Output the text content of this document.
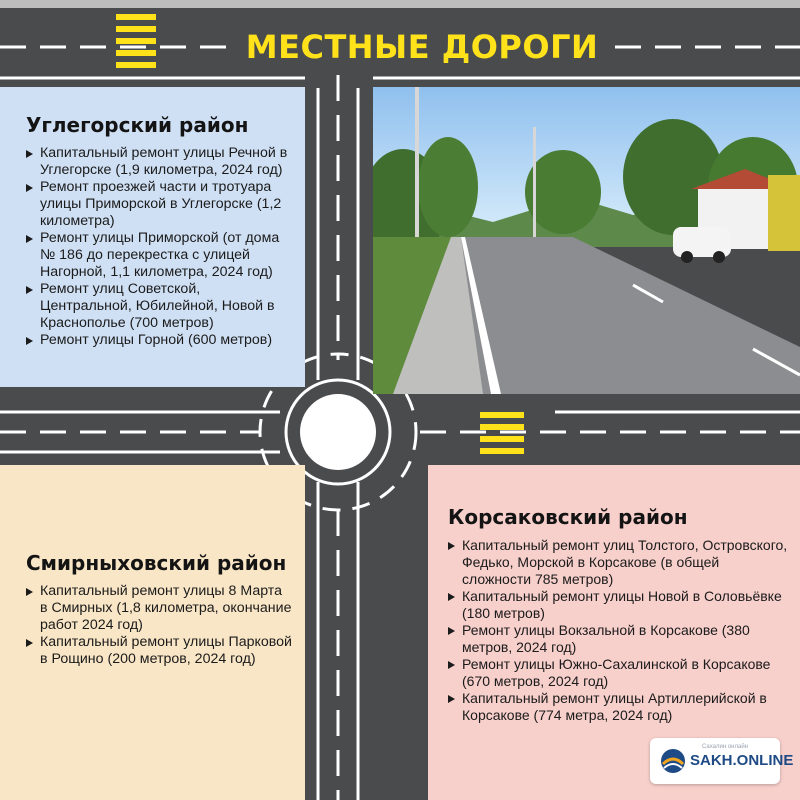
МЕСТНЫЕ ДОРОГИ
Углегорский район
Капитальный ремонт улицы Речной в Углегорске (1,9 километра, 2024 год)
Ремонт проезжей части и тротуара улицы Приморской в Углегорске (1,2 километра)
Ремонт улицы Приморской (от дома № 186 до перекрестка с улицей Нагорной, 1,1 километра, 2024 год)
Ремонт улиц Советской, Центральной, Юбилейной, Новой в Краснополье (700 метров)
Ремонт улицы Горной (600 метров)
Смирныховский район
Капитальный ремонт улицы 8 Марта в Смирных (1,8 километра, окончание работ 2024 год)
Капитальный ремонт улицы Парковой в Рощино (200 метров, 2024 год)
Корсаковский район
Капитальный ремонт улиц Толстого, Островского, Федько, Морской в Корсакове (в общей сложности 785 метров)
Капитальный ремонт улицы Новой в Соловьёвке (180 метров)
Ремонт улицы Вокзальной в Корсакове (380 метров, 2024 год)
Ремонт улицы Южно-Сахалинской в Корсакове (670 метров, 2024 год)
Капитальный ремонт улицы Артиллерийской в Корсакове (774 метра, 2024 год)
Сахалин онлайн
SAKH.ONLINE
